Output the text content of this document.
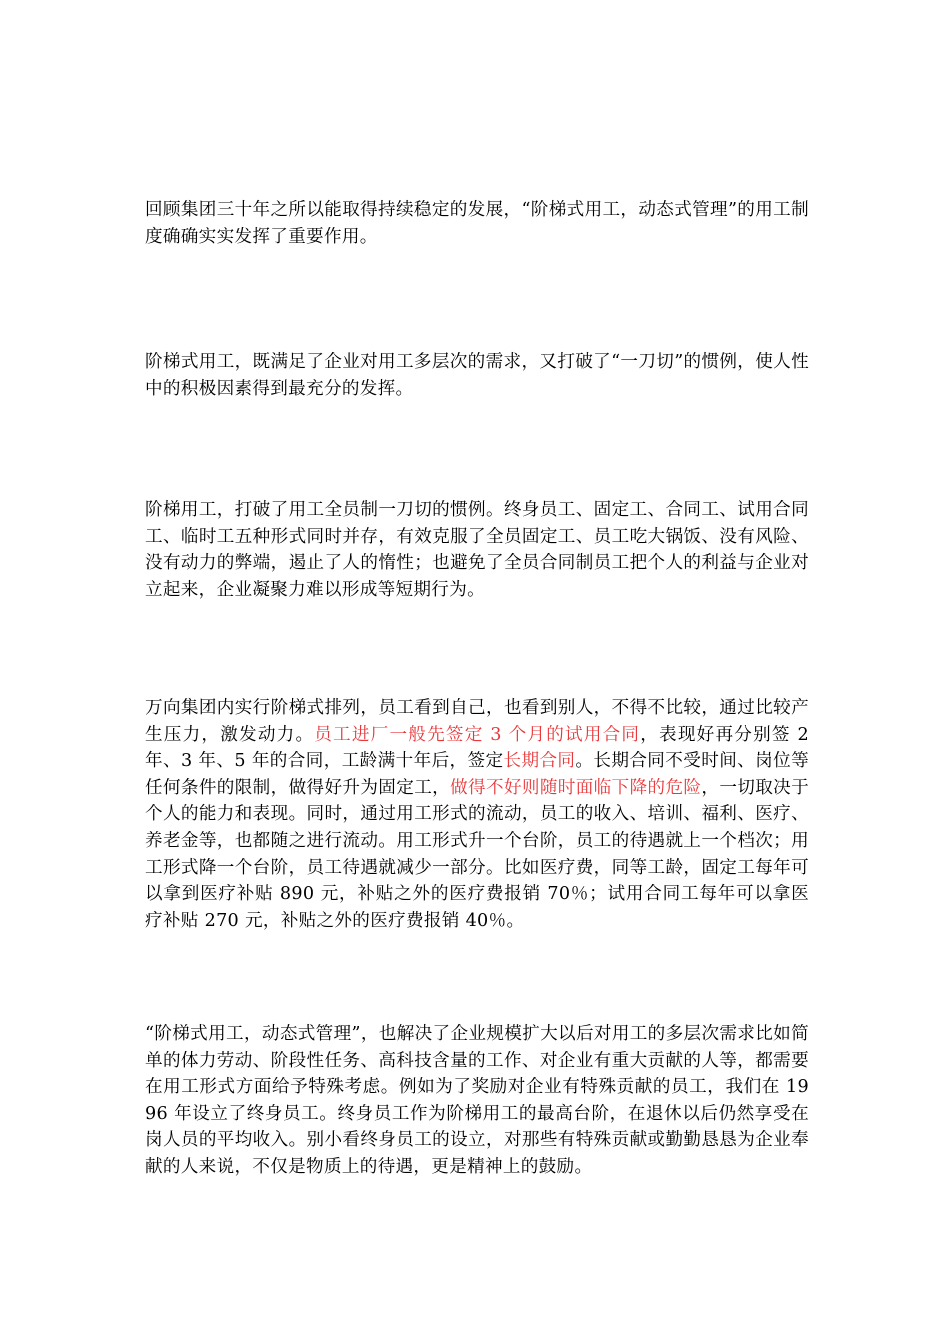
回顾集团三十年之所以能取得持续稳定的发展，“阶梯式用工，动态式管理”的用工制度确确实实发挥了重要作用。

阶梯式用工，既满足了企业对用工多层次的需求，又打破了“一刀切”的惯例，使人性中的积极因素得到最充分的发挥。

阶梯用工，打破了用工全员制一刀切的惯例。终身员工、固定工、合同工、试用合同工、临时工五种形式同时并存，有效克服了全员固定工、员工吃大锅饭、没有风险、没有动力的弊端，遏止了人的惰性；也避免了全员合同制员工把个人的利益与企业对立起来，企业凝聚力难以形成等短期行为。

万向集团内实行阶梯式排列，员工看到自己，也看到别人，不得不比较，通过比较产生压力，激发动力。员工进厂一般先签定 3 个月的试用合同，表现好再分别签 2 年、3 年、5 年的合同，工龄满十年后，签定长期合同。长期合同不受时间、岗位等任何条件的限制，做得好升为固定工，做得不好则随时面临下降的危险，一切取决于个人的能力和表现。同时，通过用工形式的流动，员工的收入、培训、福利、医疗、养老金等，也都随之进行流动。用工形式升一个台阶，员工的待遇就上一个档次；用工形式降一个台阶，员工待遇就减少一部分。比如医疗费，同等工龄，固定工每年可以拿到医疗补贴 890 元，补贴之外的医疗费报销 70％；试用合同工每年可以拿医疗补贴 270 元，补贴之外的医疗费报销 40％。

“阶梯式用工，动态式管理”，也解决了企业规模扩大以后对用工的多层次需求比如简单的体力劳动、阶段性任务、高科技含量的工作、对企业有重大贡献的人等，都需要在用工形式方面给予特殊考虑。例如为了奖励对企业有特殊贡献的员工，我们在 1996 年设立了终身员工。终身员工作为阶梯用工的最高台阶，在退休以后仍然享受在岗人员的平均收入。别小看终身员工的设立，对那些有特殊贡献或勤勤恳恳为企业奉献的人来说，不仅是物质上的待遇，更是精神上的鼓励。
